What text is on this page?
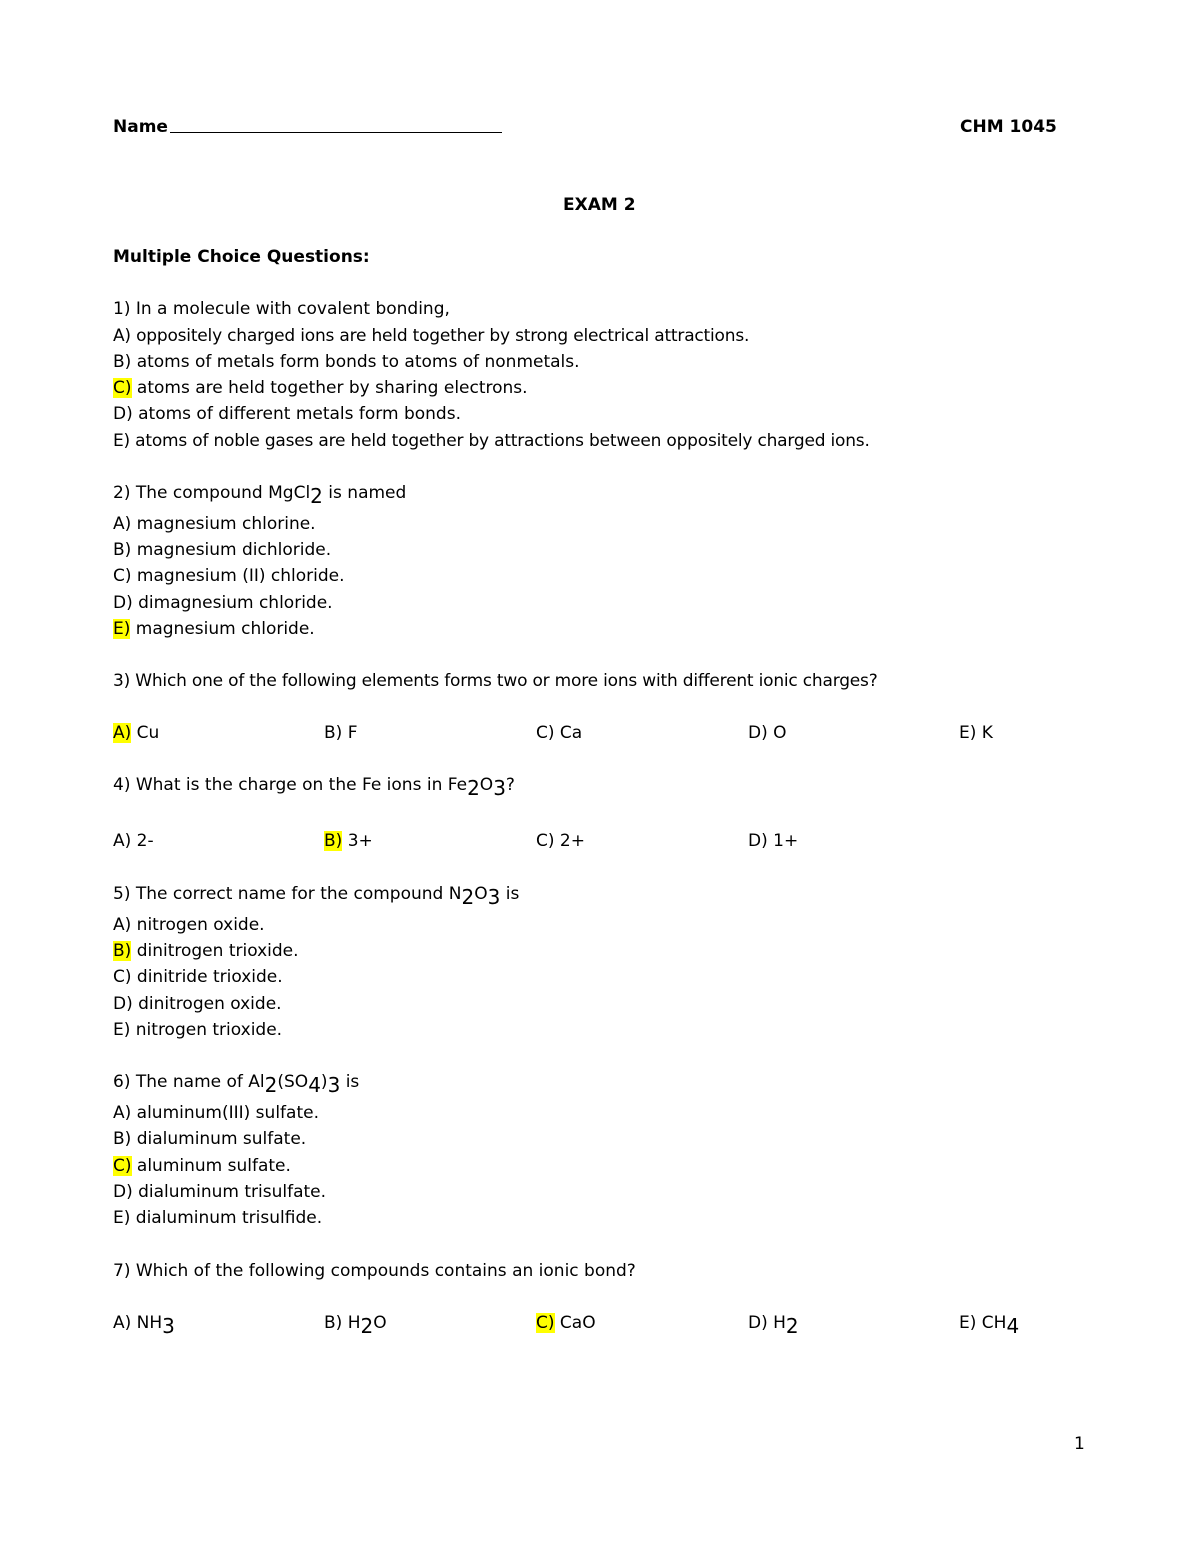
Name	CHM 1045
EXAM 2
Multiple Choice Questions:
1) In a molecule with covalent bonding,
A) oppositely charged ions are held together by strong electrical attractions.
B) atoms of metals form bonds to atoms of nonmetals.
C) atoms are held together by sharing electrons.
D) atoms of different metals form bonds.
E) atoms of noble gases are held together by attractions between oppositely charged ions.
2) The compound MgCl$_2$ is named
A) magnesium chlorine.
B) magnesium dichloride.
C) magnesium (II) chloride.
D) dimagnesium chloride.
E) magnesium chloride.
3) Which one of the following elements forms two or more ions with different ionic charges?
A) Cu	B) F	C) Ca	D) O	E) K
4) What is the charge on the Fe ions in $Fe_2O_3$?
A) 2-	B) 3+	C) 2+	D) 1+
5) The correct name for the compound $N_2O_3$ is
A) nitrogen oxide.
B) dinitrogen trioxide.
C) dinitride trioxide.
D) dinitrogen oxide.
E) nitrogen trioxide.
6) The name of $Al_2(SO_4)_3$ is
A) aluminum(III) sulfate.
B) dialuminum sulfate.
C) aluminum sulfate.
D) dialuminum trisulfate.
E) dialuminum trisulfide.
7) Which of the following compounds contains an ionic bond?
A) $NH_3$	B) $H_2O$	C) CaO	D) $H_2$	E) $CH_4$
1
